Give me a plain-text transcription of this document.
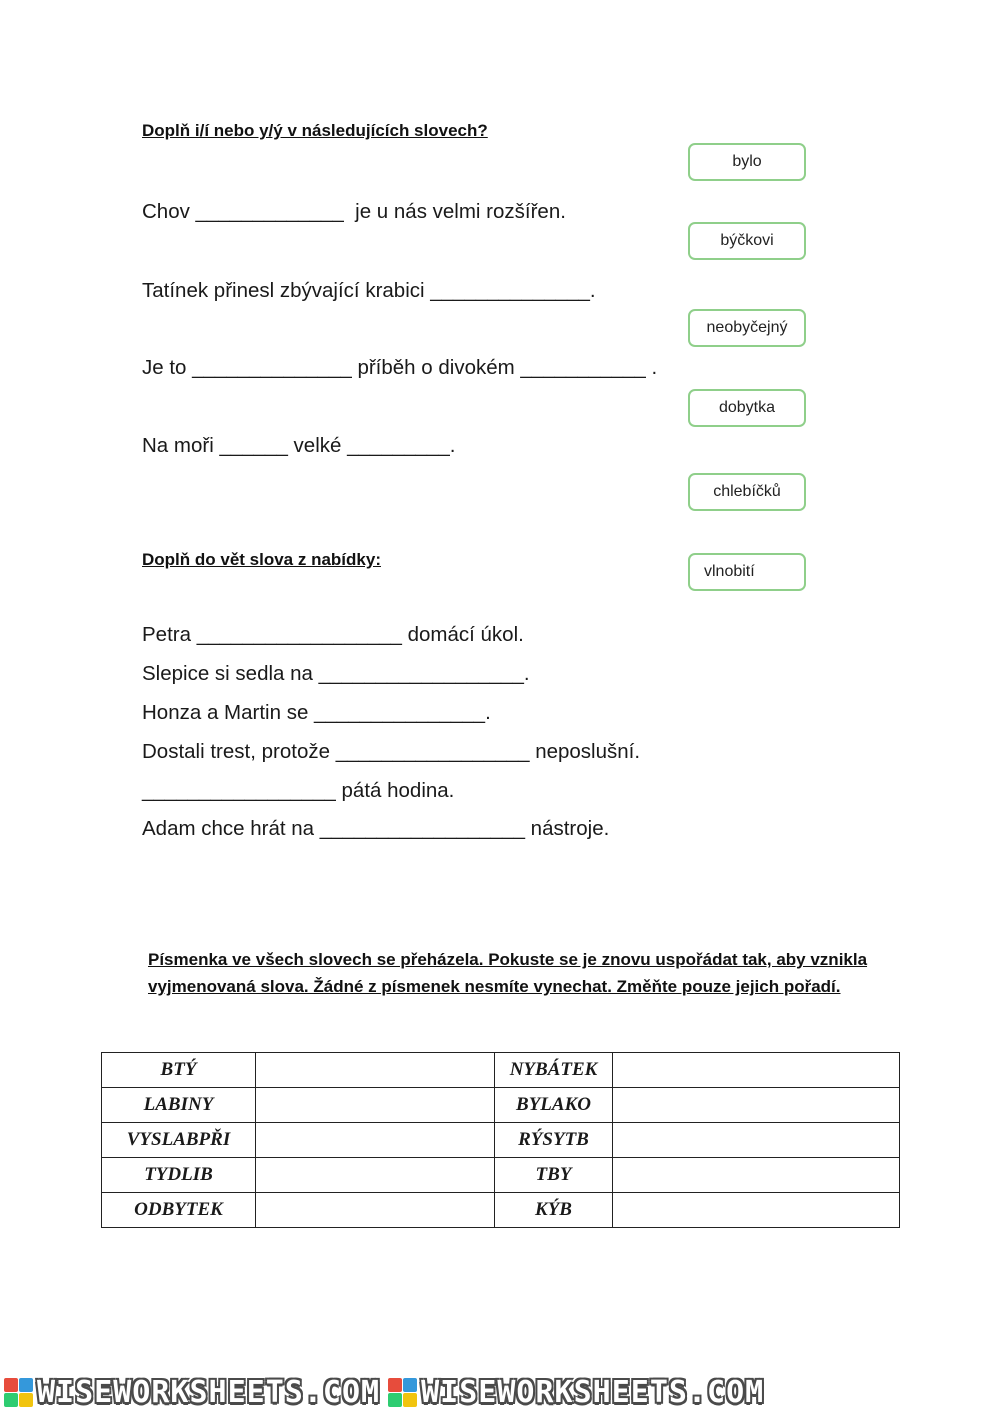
Doplň i/í nebo y/ý v následujících slovech?
Chov _____________  je u nás velmi rozšířen.
Tatínek přinesl zbývající krabici ______________.
Je to ______________ příběh o divokém ___________ .
Na moři ______ velké _________.
bylo
býčkovi
neobyčejný
dobytka
chlebíčků
vlnobití
Doplň do vět slova z nabídky:
Petra __________________ domácí úkol.
Slepice si sedla na __________________.
Honza a Martin se _______________.
Dostali trest, protože _________________ neposlušní.
_________________ pátá hodina.
Adam chce hrát na __________________ nástroje.
Písmenka ve všech slovech se přeházela. Pokuste se je znovu uspořádat tak, aby vznikla
vyjmenovaná slova. Žádné z písmenek nesmíte vynechat. Změňte pouze jejich pořadí.
BTÝ		NYBÁTEK	
LABINY		BYLAKO	
VYSLABPŘI		RÝSYTB	
TYDLIB		TBY	
ODBYTEK		KÝB	
WISEWORKSHEETS.COM WISEWORKSHEETS.COM
